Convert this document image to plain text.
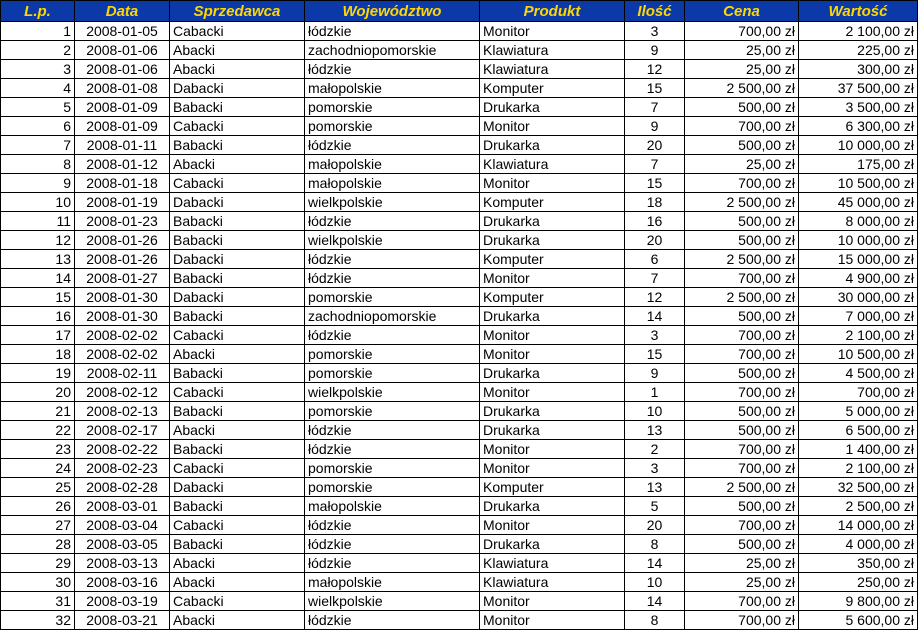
L.p.	Data	Sprzedawca	Województwo	Produkt	Ilość	Cena	Wartość
1	2008-01-05	Cabacki	łódzkie	Monitor	3	700,00 zł	2 100,00 zł
2	2008-01-06	Abacki	zachodniopomorskie	Klawiatura	9	25,00 zł	225,00 zł
3	2008-01-06	Abacki	łódzkie	Klawiatura	12	25,00 zł	300,00 zł
4	2008-01-08	Dabacki	małopolskie	Komputer	15	2 500,00 zł	37 500,00 zł
5	2008-01-09	Babacki	pomorskie	Drukarka	7	500,00 zł	3 500,00 zł
6	2008-01-09	Cabacki	pomorskie	Monitor	9	700,00 zł	6 300,00 zł
7	2008-01-11	Babacki	łódzkie	Drukarka	20	500,00 zł	10 000,00 zł
8	2008-01-12	Abacki	małopolskie	Klawiatura	7	25,00 zł	175,00 zł
9	2008-01-18	Cabacki	małopolskie	Monitor	15	700,00 zł	10 500,00 zł
10	2008-01-19	Dabacki	wielkpolskie	Komputer	18	2 500,00 zł	45 000,00 zł
11	2008-01-23	Babacki	łódzkie	Drukarka	16	500,00 zł	8 000,00 zł
12	2008-01-26	Babacki	wielkpolskie	Drukarka	20	500,00 zł	10 000,00 zł
13	2008-01-26	Dabacki	łódzkie	Komputer	6	2 500,00 zł	15 000,00 zł
14	2008-01-27	Babacki	łódzkie	Monitor	7	700,00 zł	4 900,00 zł
15	2008-01-30	Dabacki	pomorskie	Komputer	12	2 500,00 zł	30 000,00 zł
16	2008-01-30	Babacki	zachodniopomorskie	Drukarka	14	500,00 zł	7 000,00 zł
17	2008-02-02	Cabacki	łódzkie	Monitor	3	700,00 zł	2 100,00 zł
18	2008-02-02	Abacki	pomorskie	Monitor	15	700,00 zł	10 500,00 zł
19	2008-02-11	Babacki	pomorskie	Drukarka	9	500,00 zł	4 500,00 zł
20	2008-02-12	Cabacki	wielkpolskie	Monitor	1	700,00 zł	700,00 zł
21	2008-02-13	Babacki	pomorskie	Drukarka	10	500,00 zł	5 000,00 zł
22	2008-02-17	Abacki	łódzkie	Drukarka	13	500,00 zł	6 500,00 zł
23	2008-02-22	Babacki	łódzkie	Monitor	2	700,00 zł	1 400,00 zł
24	2008-02-23	Cabacki	pomorskie	Monitor	3	700,00 zł	2 100,00 zł
25	2008-02-28	Dabacki	pomorskie	Komputer	13	2 500,00 zł	32 500,00 zł
26	2008-03-01	Babacki	małopolskie	Drukarka	5	500,00 zł	2 500,00 zł
27	2008-03-04	Cabacki	łódzkie	Monitor	20	700,00 zł	14 000,00 zł
28	2008-03-05	Babacki	łódzkie	Drukarka	8	500,00 zł	4 000,00 zł
29	2008-03-13	Abacki	łódzkie	Klawiatura	14	25,00 zł	350,00 zł
30	2008-03-16	Abacki	małopolskie	Klawiatura	10	25,00 zł	250,00 zł
31	2008-03-19	Cabacki	wielkpolskie	Monitor	14	700,00 zł	9 800,00 zł
32	2008-03-21	Abacki	łódzkie	Monitor	8	700,00 zł	5 600,00 zł
